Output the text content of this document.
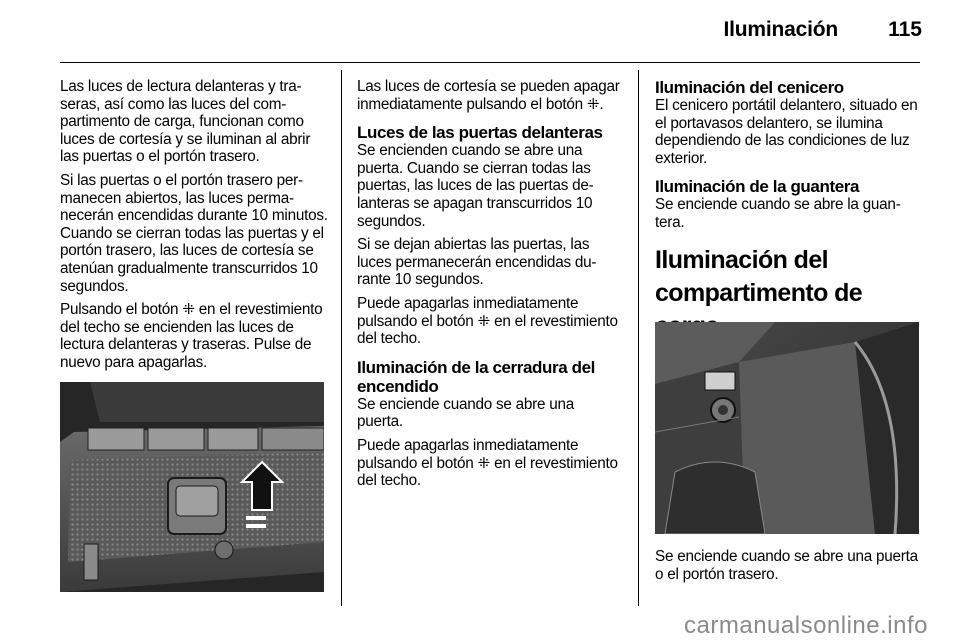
Iluminación	115

Las luces de lectura delanteras y traseras, así como las luces del compartimento de carga, funcionan como luces de cortesía y se iluminan al abrir las puertas o el portón trasero.

Si las puertas o el portón trasero permanecen abiertos, las luces permanecerán encendidas durante 10 minutos. Cuando se cierran todas las puertas y el portón trasero, las luces de cortesía se atenúan gradualmente transcurridos 10 segundos.

Pulsando el botón ⁜ en el revestimiento del techo se encienden las luces de lectura delanteras y traseras. Pulse de nuevo para apagarlas.

Las luces de cortesía se pueden apagar inmediatamente pulsando el botón ⁜.

Luces de las puertas delanteras

Se encienden cuando se abre una puerta. Cuando se cierran todas las puertas, las luces de las puertas delanteras se apagan transcurridos 10 segundos.

Si se dejan abiertas las puertas, las luces permanecerán encendidas durante 10 segundos.

Puede apagarlas inmediatamente pulsando el botón ⁜ en el revestimiento del techo.

Iluminación de la cerradura del encendido

Se enciende cuando se abre una puerta.

Puede apagarlas inmediatamente pulsando el botón ⁜ en el revestimiento del techo.

Iluminación del cenicero

El cenicero portátil delantero, situado en el portavasos delantero, se ilumina dependiendo de las condiciones de luz exterior.

Iluminación de la guantera

Se enciende cuando se abre la guantera.

Iluminación del compartimento de

Se enciende cuando se abre una puerta o el portón trasero.

carmanualsonline.info
